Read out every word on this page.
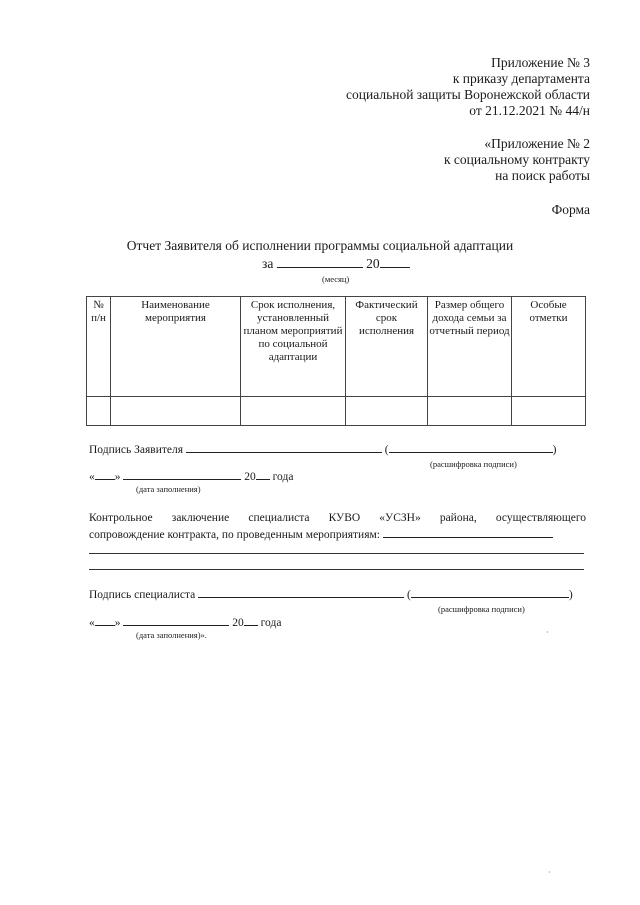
Приложение № 3
к приказу департамента
социальной защиты Воронежской области
от 21.12.2021 № 44/н
«Приложение № 2
к социальному контракту
на поиск работы
Форма
Отчет Заявителя об исполнении программы социальной адаптации
за	20
(месяц)
№ п/н	Наименование мероприятия	Срок исполнения, установленный планом мероприятий по социальной адаптации	Фактический срок исполнения	Размер общего дохода семьи за отчетный период	Особые отметки

Подпись Заявителя	(	)
(расшифровка подписи)
« »	20 года
(дата заполнения)
Контрольное заключение специалиста КУВО «УСЗН» района, осуществляющего
сопровождение контракта, по проведенным мероприятиям:
Подпись специалиста	(	)
(расшифровка подписи)
« »	20 года
(дата заполнения)».	·
·
